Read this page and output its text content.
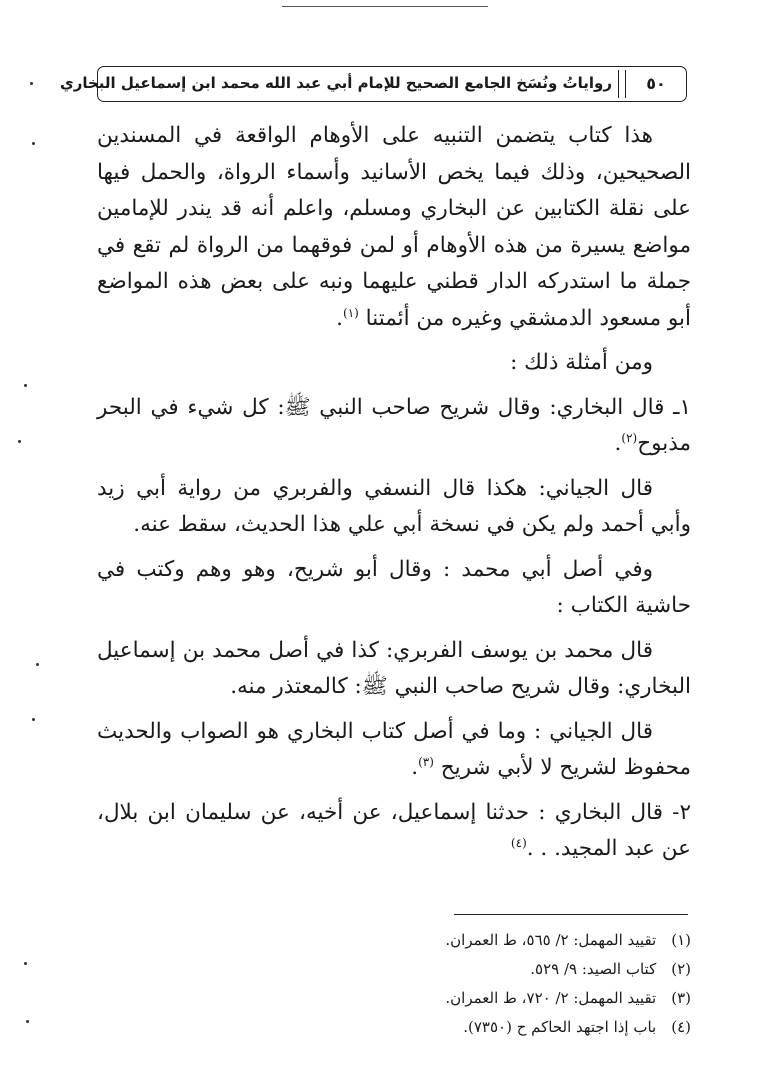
رواياتُ ونُسَخ الجامع الصحيح للإمام أبي عبد الله محمد ابن إسماعيل البخاري	٥٠

هذا كتاب يتضمن التنبيه على الأوهام الواقعة في المسندين الصحيحين، وذلك فيما يخص الأسانيد وأسماء الرواة، والحمل فيها على نقلة الكتابين عن البخاري ومسلم، واعلم أنه قد يندر للإمامين مواضع يسيرة من هذه الأوهام أو لمن فوقهما من الرواة لم تقع في جملة ما استدركه الدار قطني عليهما ونبه على بعض هذه المواضع أبو مسعود الدمشقي وغيره من أئمتنا $^{(١)}$.

ومن أمثلة ذلك :

١ـ قال البخاري: وقال شريح صاحب النبي ﷺ: كل شيء في البحر مذبوح$^{(٢)}$.

قال الجياني: هكذا قال النسفي والفربري من رواية أبي زيد وأبي أحمد ولم يكن في نسخة أبي علي هذا الحديث، سقط عنه.

وفي أصل أبي محمد : وقال أبو شريح، وهو وهم وكتب في حاشية الكتاب :

قال محمد بن يوسف الفربري: كذا في أصل محمد بن إسماعيل البخاري: وقال شريح صاحب النبي ﷺ: كالمعتذر منه.

قال الجياني : وما في أصل كتاب البخاري هو الصواب والحديث محفوظ لشريح لا لأبي شريح $^{(٣)}$.

٢- قال البخاري : حدثنا إسماعيل، عن أخيه، عن سليمان ابن بلال، عن عبد المجيد. . .$^{(٤)}$

(١) تقييد المهمل: ٢/ ٥٦٥، ط العمران.
(٢) كتاب الصيد: ٩/ ٥٢٩.
(٣) تقييد المهمل: ٢/ ٧٢٠، ط العمران.
(٤) باب إذا اجتهد الحاكم ح (٧٣٥٠).
